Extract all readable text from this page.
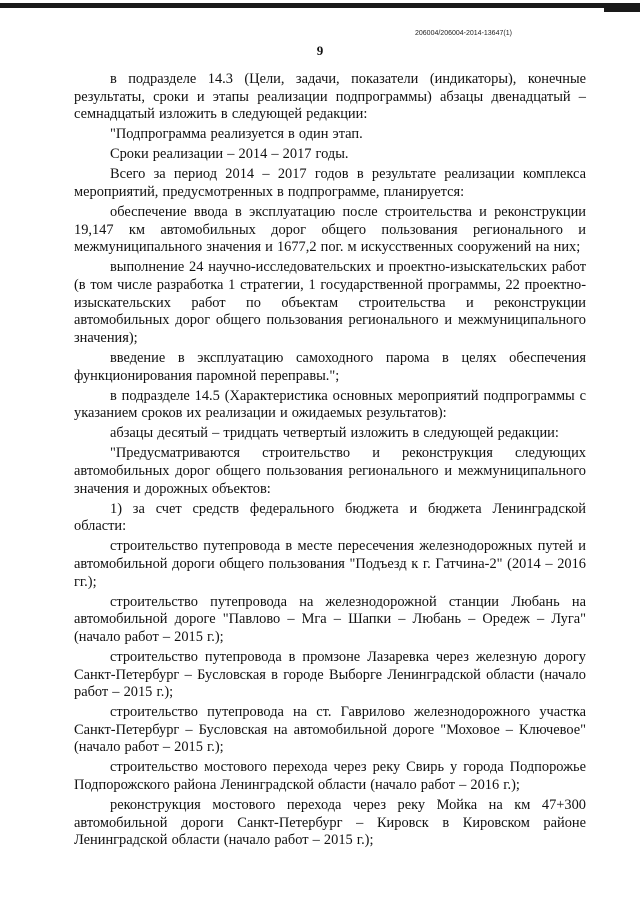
206004/206004-2014-13647(1)
9

в подразделе 14.3 (Цели, задачи, показатели (индикаторы), конечные результаты, сроки и этапы реализации подпрограммы) абзацы двенадцатый – семнадцатый изложить в следующей редакции:

"Подпрограмма реализуется в один этап.

Сроки реализации – 2014 – 2017 годы.

Всего за период 2014 – 2017 годов в результате реализации комплекса мероприятий, предусмотренных в подпрограмме, планируется:

обеспечение ввода в эксплуатацию после строительства и реконструкции 19,147 км автомобильных дорог общего пользования регионального и межмуниципального значения и 1677,2 пог. м искусственных сооружений на них;

выполнение 24 научно-исследовательских и проектно-изыскательских работ (в том числе разработка 1 стратегии, 1 государственной программы, 22 проектно-изыскательских работ по объектам строительства и реконструкции автомобильных дорог общего пользования регионального и межмуниципального значения);

введение в эксплуатацию самоходного парома в целях обеспечения функционирования паромной переправы.";

в подразделе 14.5 (Характеристика основных мероприятий подпрограммы с указанием сроков их реализации и ожидаемых результатов):

абзацы десятый – тридцать четвертый изложить в следующей редакции:

"Предусматриваются строительство и реконструкция следующих автомобильных дорог общего пользования регионального и межмуниципального значения и дорожных объектов:

1) за счет средств федерального бюджета и бюджета Ленинградской области:

строительство путепровода в месте пересечения железнодорожных путей и автомобильной дороги общего пользования "Подъезд к г. Гатчина-2" (2014 – 2016 гг.);

строительство путепровода на железнодорожной станции Любань на автомобильной дороге "Павлово – Мга – Шапки – Любань – Оредеж – Луга" (начало работ – 2015 г.);

строительство путепровода в промзоне Лазаревка через железную дорогу Санкт-Петербург – Бусловская в городе Выборге Ленинградской области (начало работ – 2015 г.);

строительство путепровода на ст. Гаврилово железнодорожного участка Санкт-Петербург – Бусловская на автомобильной дороге "Моховое – Ключевое" (начало работ – 2015 г.);

строительство мостового перехода через реку Свирь у города Подпорожье Подпорожского района Ленинградской области (начало работ – 2016 г.);

реконструкция мостового перехода через реку Мойка на км 47+300 автомобильной дороги Санкт-Петербург – Кировск в Кировском районе Ленинградской области (начало работ – 2015 г.);
